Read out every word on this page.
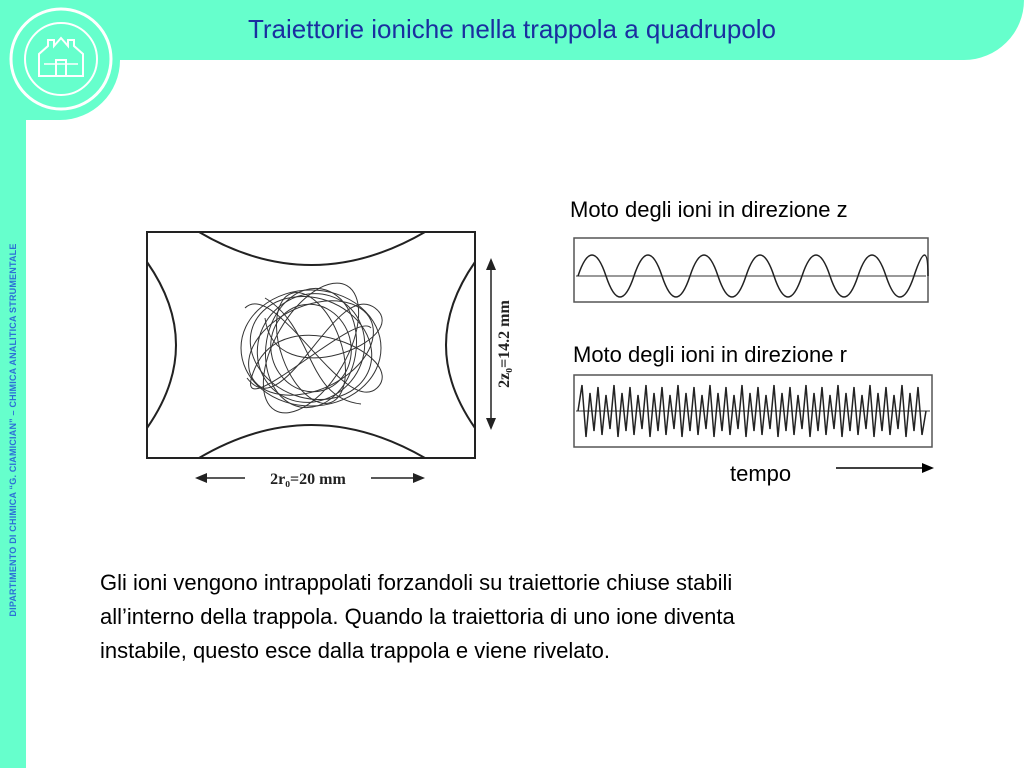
Traiettorie ioniche nella trappola a quadrupolo
DIPARTIMENTO DI CHIMICA “G. CIAMICIAN” – CHIMICA ANALITICA STRUMENTALE	2r₀=20 mm
2z₀=14.2 mm
Moto degli ioni in direzione z
Moto degli ioni in direzione r
tempo
Gli ioni vengono intrappolati forzandoli su traiettorie chiuse stabili
all’interno della trappola. Quando la traiettoria di uno ione diventa
instabile, questo esce dalla trappola e viene rivelato.
